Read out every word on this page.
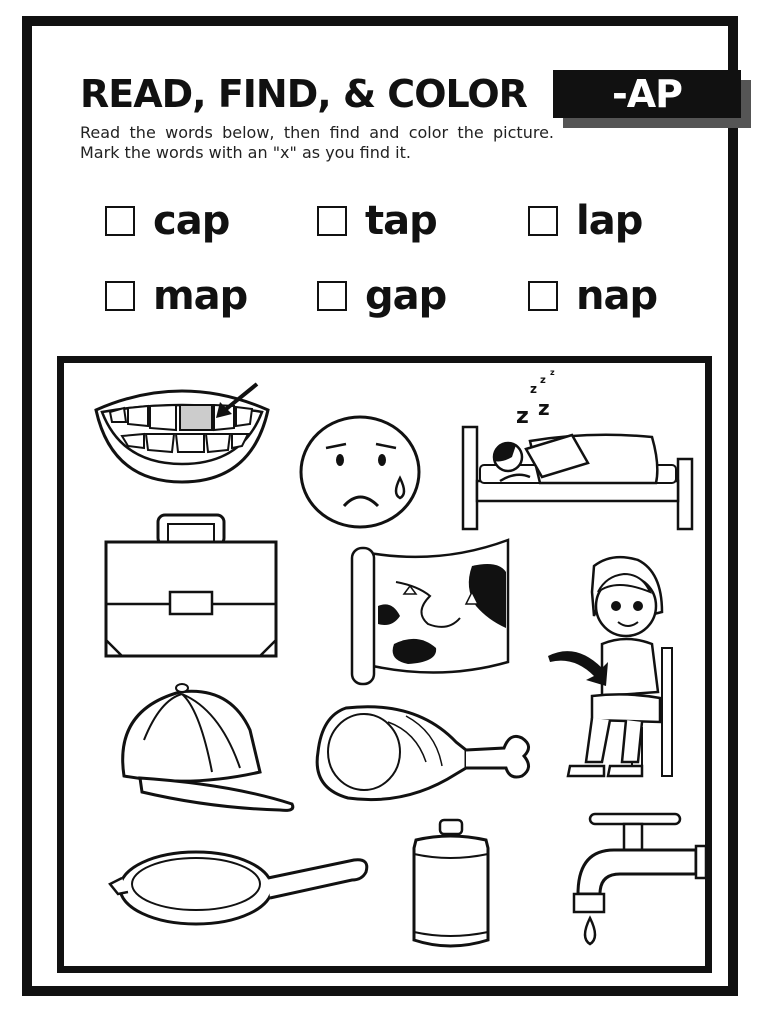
READ, FIND, & COLOR	-AP

Read the words below, then find and color the picture. Mark the words with an "x" as you find it.

cap	tap	lap
map	gap	nap
z
z
z
z z
